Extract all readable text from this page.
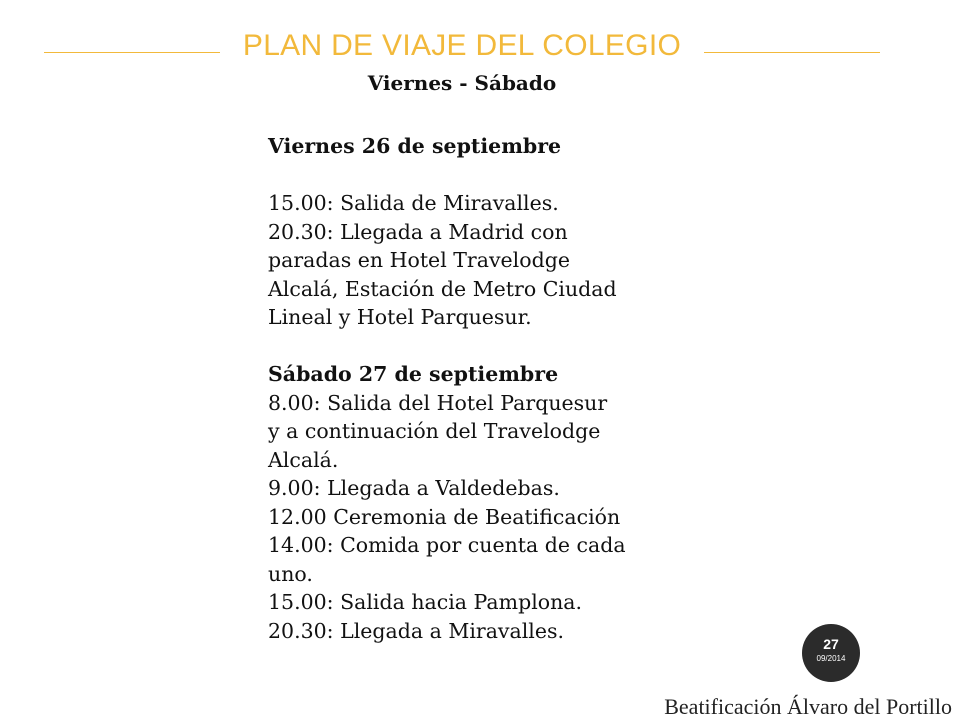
PLAN DE VIAJE DEL COLEGIO
Viernes - Sábado
Viernes 26 de septiembre
15.00: Salida de Miravalles.
20.30: Llegada a Madrid con
paradas en Hotel Travelodge
Alcalá, Estación de Metro Ciudad
Lineal y Hotel Parquesur.
Sábado 27 de septiembre
8.00: Salida del Hotel Parquesur
y a continuación del Travelodge
Alcalá.
9.00: Llegada a Valdedebas.
12.00 Ceremonia de Beatificación
14.00: Comida por cuenta de cada
uno.
15.00: Salida hacia Pamplona.
20.30: Llegada a Miravalles.
27
09/2014
Beatificación Álvaro del Portillo
